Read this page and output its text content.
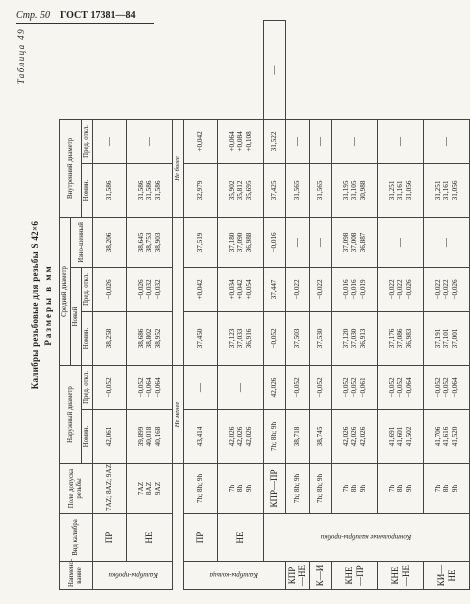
Стр. 50 ГОСТ 17381—84
Таблица 49
Калибры резьбовые для резьбы S 42×6 Размеры в мм
Наимено-вание	Вид калибра	Поле допуска резьбы	Наружный диаметр		Средний диаметр			Внутренний диаметр		
					Новый		Изно-шенный			
			Номин.	Пред. откл.	Номин.	Пред. откл.		Номин.	Пред. откл.	
Калибры-пробки	ПР	7AZ; 8AZ; 9AZ	42,061	−0,052	38,258	−0,026	38,206	31,586	—	

	НЕ	7AZ 8AZ 9AZ	39,899 40,018 40,168	−0,052 −0,064 −0,064	38,686 38,802 38,952	−0,026 −0,032 −0,032	38,645 38,753 38,903	31,586 31,586 31,586	—	

			Не менее					Не более		
Калибры-кольца	ПР	7h; 8h; 9h	43,414	—	37,450	+0,042	37,519	32,979	+0,042	

	НЕ	7h 8h 9h	42,026 42,026 42,026	—	37,123 37,033 36,916	+0,034 +0,042 +0,054	37,180 37,090 36,988	35,902 35,812 35,695	+0,064 +0,084 +0,108	

	Контрольные калибры-пробки	КПР—ПР	7h; 8h; 9h	42,026	−0,052	37,447	−0,016	37,425	31,522	—

КПР—НЕ		7h; 8h; 9h	38,718	−0,052	37,503	−0,022	—	31,565	—	

К—И		7h; 8h; 9h	38,745	−0,052	37,530	−0,022	—	31,565	—	

КНЕ—ПР		7h 8h 9h	42,026 42,026 42,026	−0,052 −0,052 −0,061	37,120 37,030 36,913	−0,016 −0,016 −0,019	37,098 37,008 36,887	31,195 31,105 30,988	—	

КНЕ—НЕ		7h 8h 9h	41,691 41,601 41,502	−0,052 −0,052 −0,064	37,176 37,086 36,983	−0,022 −0,022 −0,026	—	31,251 31,161 31,056	—	

КИ—НЕ		7h 8h 9h	41,706 41,616 41,520	−0,052 −0,052 −0,064	37,191 37,101 37,001	−0,022 −0,022 −0,026	—	31,251 31,161 31,056	—	
